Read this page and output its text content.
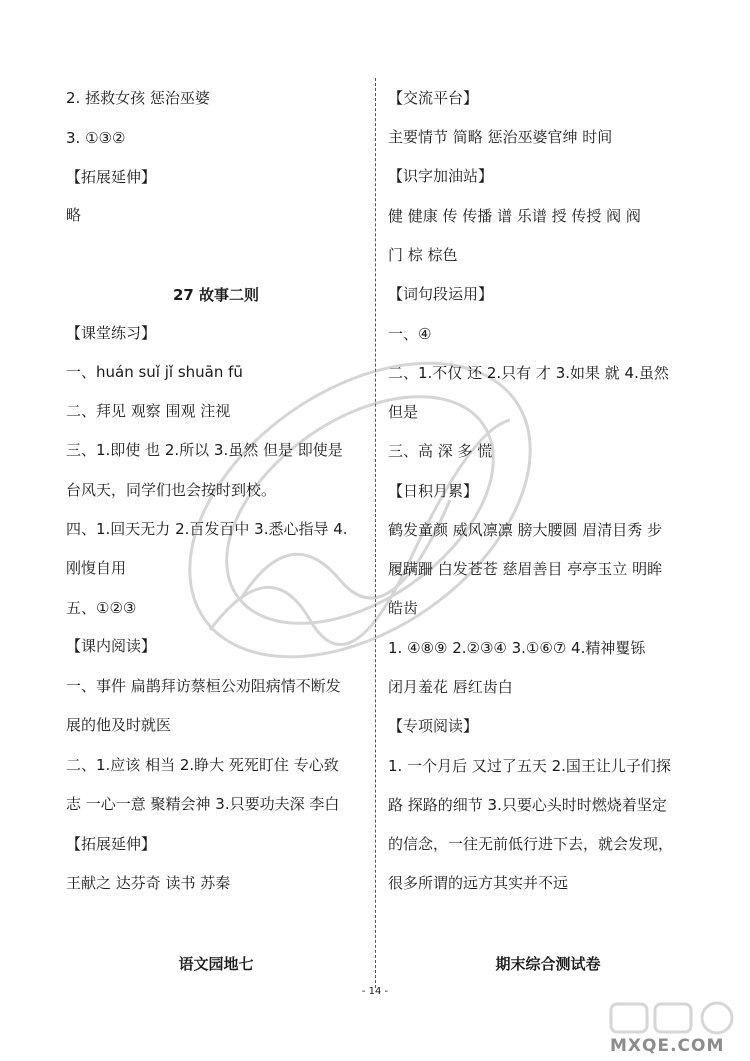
2. 拯救女孩 惩治巫婆
3. ①③②
【拓展延伸】
略
27 故事二则
【课堂练习】
一、huán suǐ jǐ shuān fū
二、拜见 观察 围观 注视
三、1.即使 也 2.所以 3.虽然 但是 即使是
台风天，同学们也会按时到校。
四、1.回天无力 2.百发百中 3.悉心指导 4.
刚愎自用
五、①②③
【课内阅读】
一、事件 扁鹊拜访蔡桓公劝阻病情不断发
展的他及时就医
二、1.应该 相当 2.睁大 死死盯住 专心致
志 一心一意 聚精会神 3.只要功夫深 李白
【拓展延伸】
王献之 达芬奇 读书 苏秦
语文园地七
【交流平台】
主要情节 简略 惩治巫婆官绅 时间
【识字加油站】
健 健康 传 传播 谱 乐谱 授 传授 阀 阀
门 棕 棕色
【词句段运用】
一、④
二、1.不仅 还 2.只有 才 3.如果 就 4.虽然
但是
三、高 深 多 慌
【日积月累】
鹤发童颜 威风凛凛 膀大腰圆 眉清目秀 步
履蹒跚 白发苍苍 慈眉善目 亭亭玉立 明眸
皓齿
1. ④⑧⑨ 2.②③④ 3.①⑥⑦ 4.精神矍铄
闭月羞花 唇红齿白
【专项阅读】
1. 一个月后 又过了五天 2.国王让儿子们探
路 探路的细节 3.只要心头时时燃烧着坚定
的信念，一往无前低行进下去，就会发现，
很多所谓的远方其实并不远
期末综合测试卷
- 14 -
MXQE.COM
